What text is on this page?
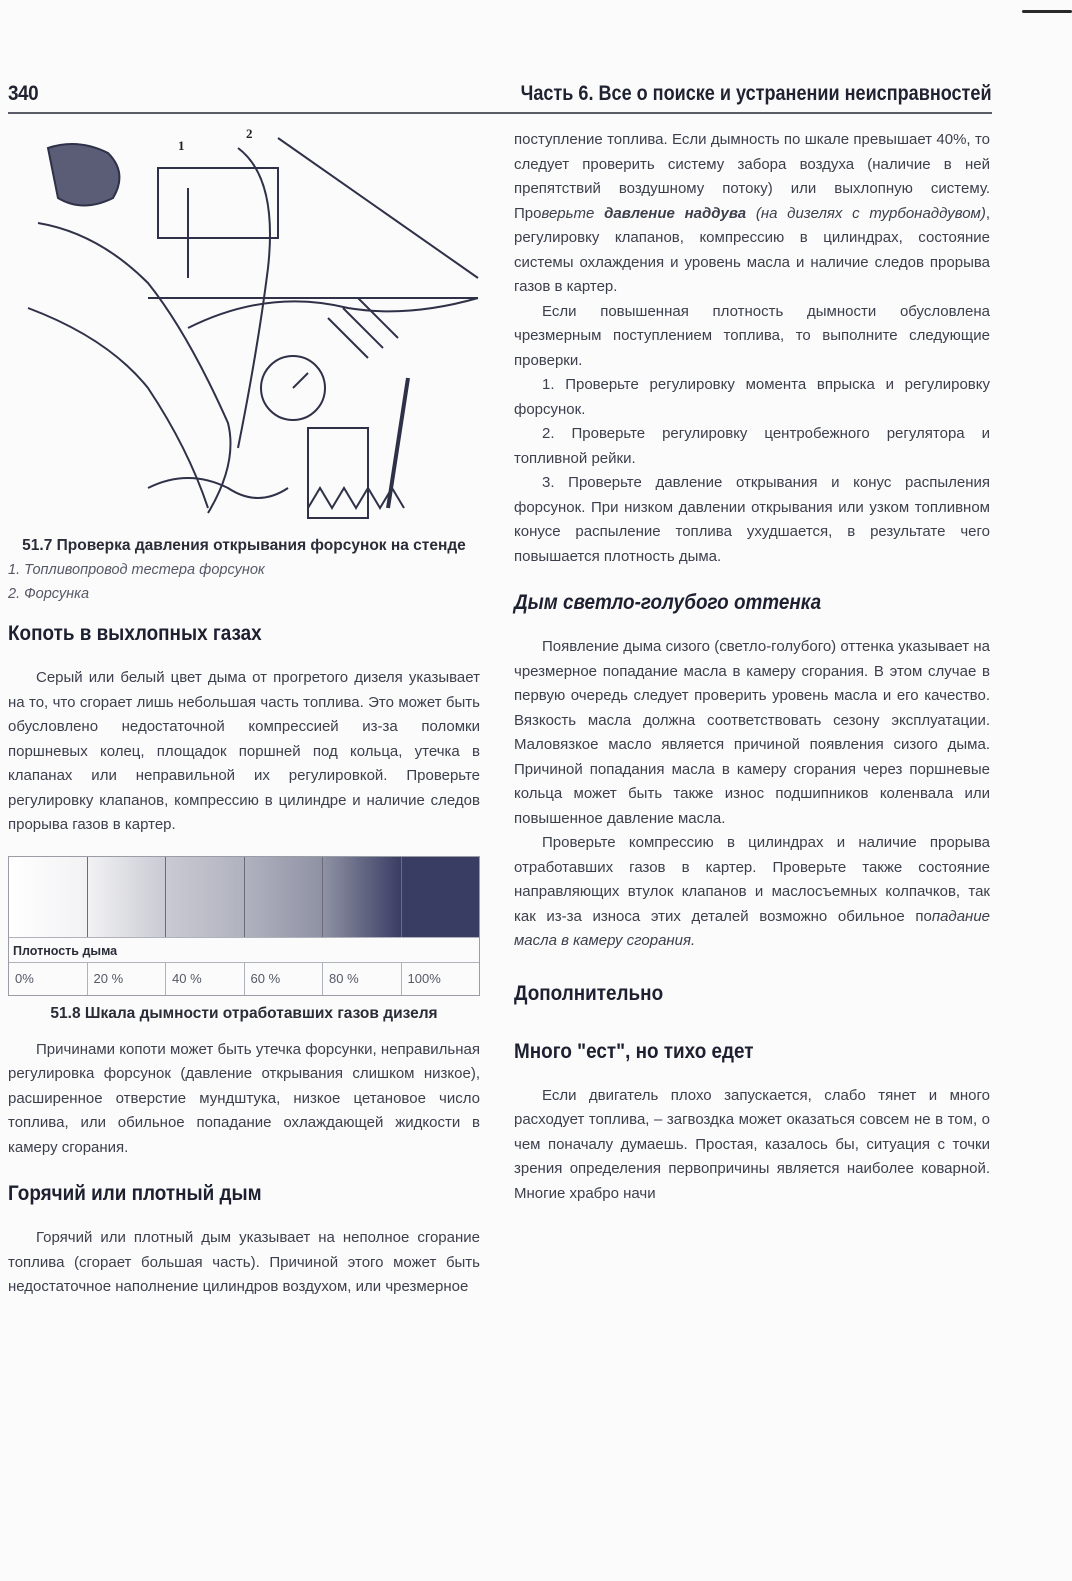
340	Часть 6. Все о поиске и устранении неисправностей
1
2
51.7 Проверка давления открывания форсунок на стенде
1. Топливопровод тестера форсунок
2. Форсунка
Копоть в выхлопных газах

Серый или белый цвет дыма от прогретого дизеля указывает на то, что сгорает лишь небольшая часть топлива. Это может быть обусловлено недостаточной компрессией из-за поломки поршневых колец, площадок поршней под кольца, утечка в клапанах или неправильной их регулировкой. Проверьте регулировку клапанов, компрессию в цилиндре и наличие следов прорыва газов в картер.

Плотность дыма
0%	20 %	40 %	60 %	80 %	100%
51.8 Шкала дымности отработавших газов дизеля

Причинами копоти может быть утечка форсунки, неправильная регулировка форсунок (давление открывания слишком низкое), расширенное отверстие мундштука, низкое цетановое число топлива, или обильное попадание охлаждающей жидкости в камеру сгорания.

Горячий или плотный дым

Горячий или плотный дым указывает на неполное сгорание топлива (сгорает большая часть). Причиной этого может быть недостаточное наполнение цилиндров воздухом, или чрезмерное

поступление топлива. Если дымность по шкале превышает 40%, то следует проверить систему забора воздуха (наличие в ней препятствий воздушному потоку) или выхлопную систему. Проверьте давление наддува (на дизелях с турбонаддувом), регулировку клапанов, компрессию в цилиндрах, состояние системы охлаждения и уровень масла и наличие следов прорыва газов в картер.

Если повышенная плотность дымности обусловлена чрезмерным поступлением топлива, то выполните следующие проверки.

1. Проверьте регулировку момента впрыска и регулировку форсунок.

2. Проверьте регулировку центробежного регулятора и топливной рейки.

3. Проверьте давление открывания и конус распыления форсунок. При низком давлении открывания или узком топливном конусе распыление топлива ухудшается, в результате чего повышается плотность дыма.

Дым светло-голубого оттенка

Появление дыма сизого (светло-голубого) оттенка указывает на чрезмерное попадание масла в камеру сгорания. В этом случае в первую очередь следует проверить уровень масла и его качество. Вязкость масла должна соответствовать сезону эксплуатации. Маловязкое масло является причиной появления сизого дыма. Причиной попадания масла в камеру сгорания через поршневые кольца может быть также износ подшипников коленвала или повышенное давление масла.

Проверьте компрессию в цилиндрах и наличие прорыва отработавших газов в картер. Проверьте также состояние направляющих втулок клапанов и маслосъемных колпачков, так как из-за износа этих деталей возможно обильное попадание масла в камеру сгорания.

Дополнительно
Много "ест", но тихо едет

Если двигатель плохо запускается, слабо тянет и много расходует топлива, – загвоздка может оказаться совсем не в том, о чем поначалу думаешь. Простая, казалось бы, ситуация с точки зрения определения первопричины является наиболее коварной. Многие храбро начи
